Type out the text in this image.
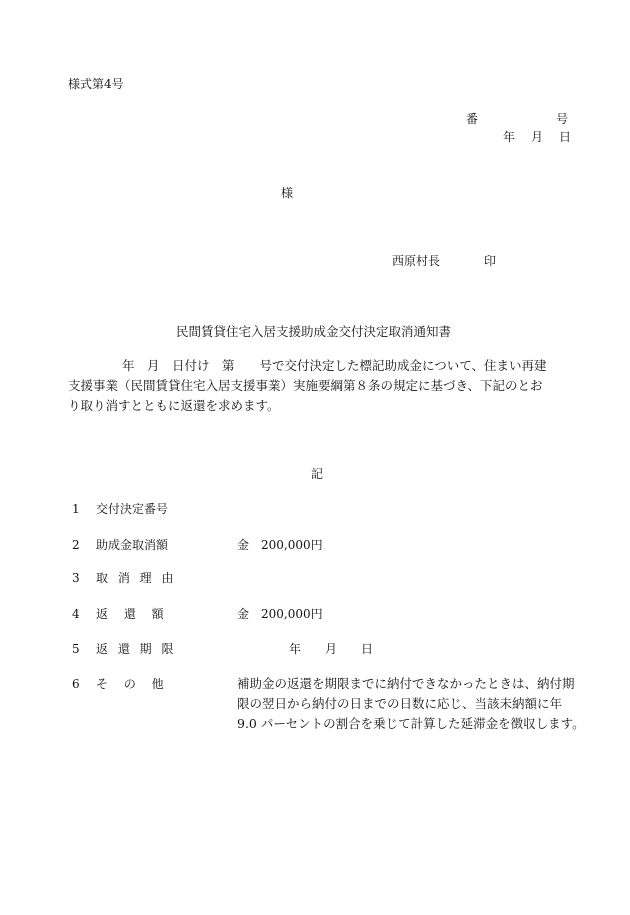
様式第4号
番	号
年　月　日
様
西原村長	印
民間賃貸住宅入居支援助成金交付決定取消通知書
年　月　日付け　第　　号で交付決定した標記助成金について、住まい再建
支援事業（民間賃貸住宅入居支援事業）実施要綱第８条の規定に基づき、下記のとお
り取り消すとともに返還を求めます。
記
1 交付決定番号
2 助成金取消額	金　200,000円
3 取 消 理 由
4 返　 還　 額	金　200,000円
5 返 還 期 限	年　　月　　日
6 そ　 の　 他	補助金の返還を期限までに納付できなかったときは、納付期
限の翌日から納付の日までの日数に応じ、当該未納額に年
9.0 パーセントの割合を乗じて計算した延滞金を徴収します。
